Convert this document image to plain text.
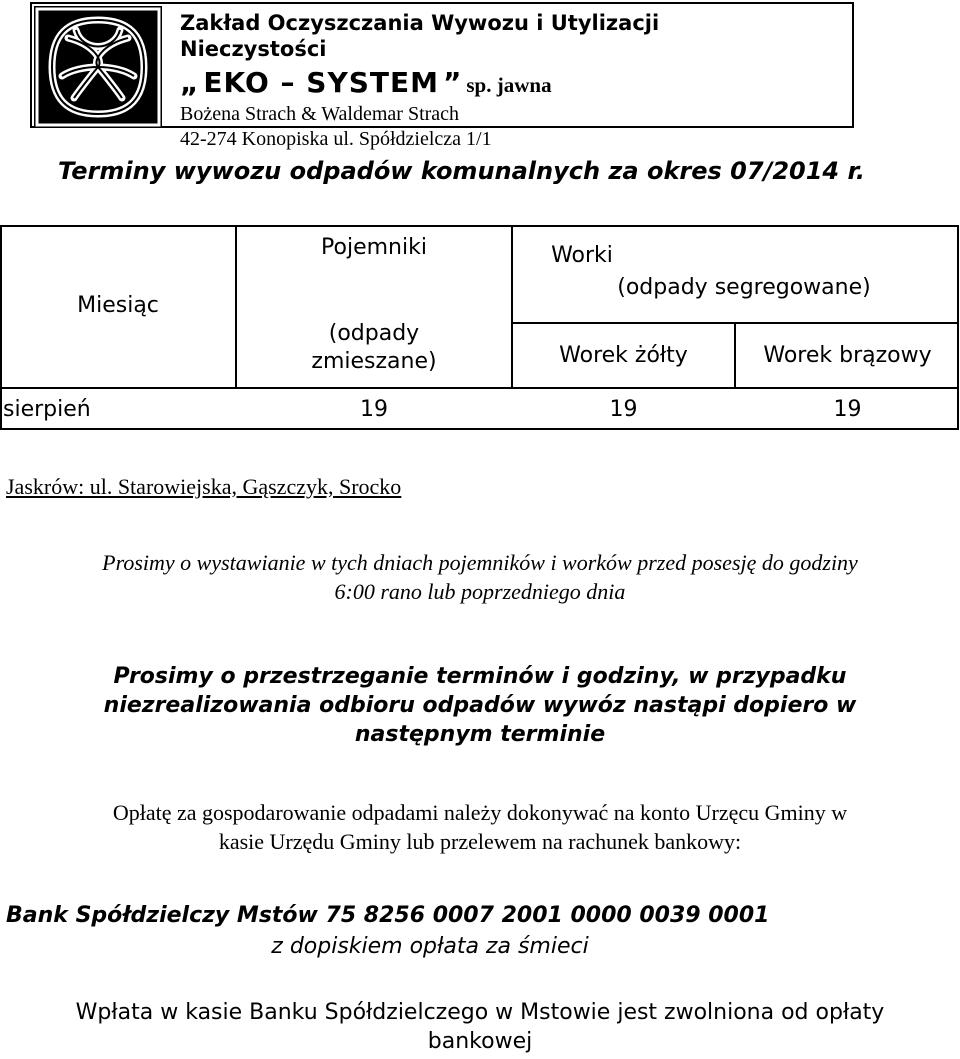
Zakład Oczyszczania Wywozu i Utylizacji
Nieczystości
„ EKO – SYSTEM ” sp. jawna
Bożena Strach & Waldemar Strach
42-274 Konopiska ul. Spółdzielcza 1/1
Terminy wywozu odpadów komunalnych za okres 07/2014 r.
Miesiąc
Pojemniki
(odpady
zmieszane)
Worki
(odpady segregowane)
Worek żółty	Worek brązowy
sierpień	19	19	19
Jaskrów: ul. Starowiejska, Gąszczyk, Srocko
Prosimy o wystawianie w tych dniach pojemników i worków przed posesję do godziny
6:00 rano lub poprzedniego dnia
Prosimy o przestrzeganie terminów i godziny, w przypadku
niezrealizowania odbioru odpadów wywóz nastąpi dopiero w
następnym terminie
Opłatę za gospodarowanie odpadami należy dokonywać na konto Urzęcu Gminy w
kasie Urzędu Gminy lub przelewem na rachunek bankowy:
Bank Spółdzielczy Mstów 75 8256 0007 2001 0000 0039 0001
z dopiskiem opłata za śmieci
Wpłata w kasie Banku Spółdzielczego w Mstowie jest zwolniona od opłaty
bankowej
